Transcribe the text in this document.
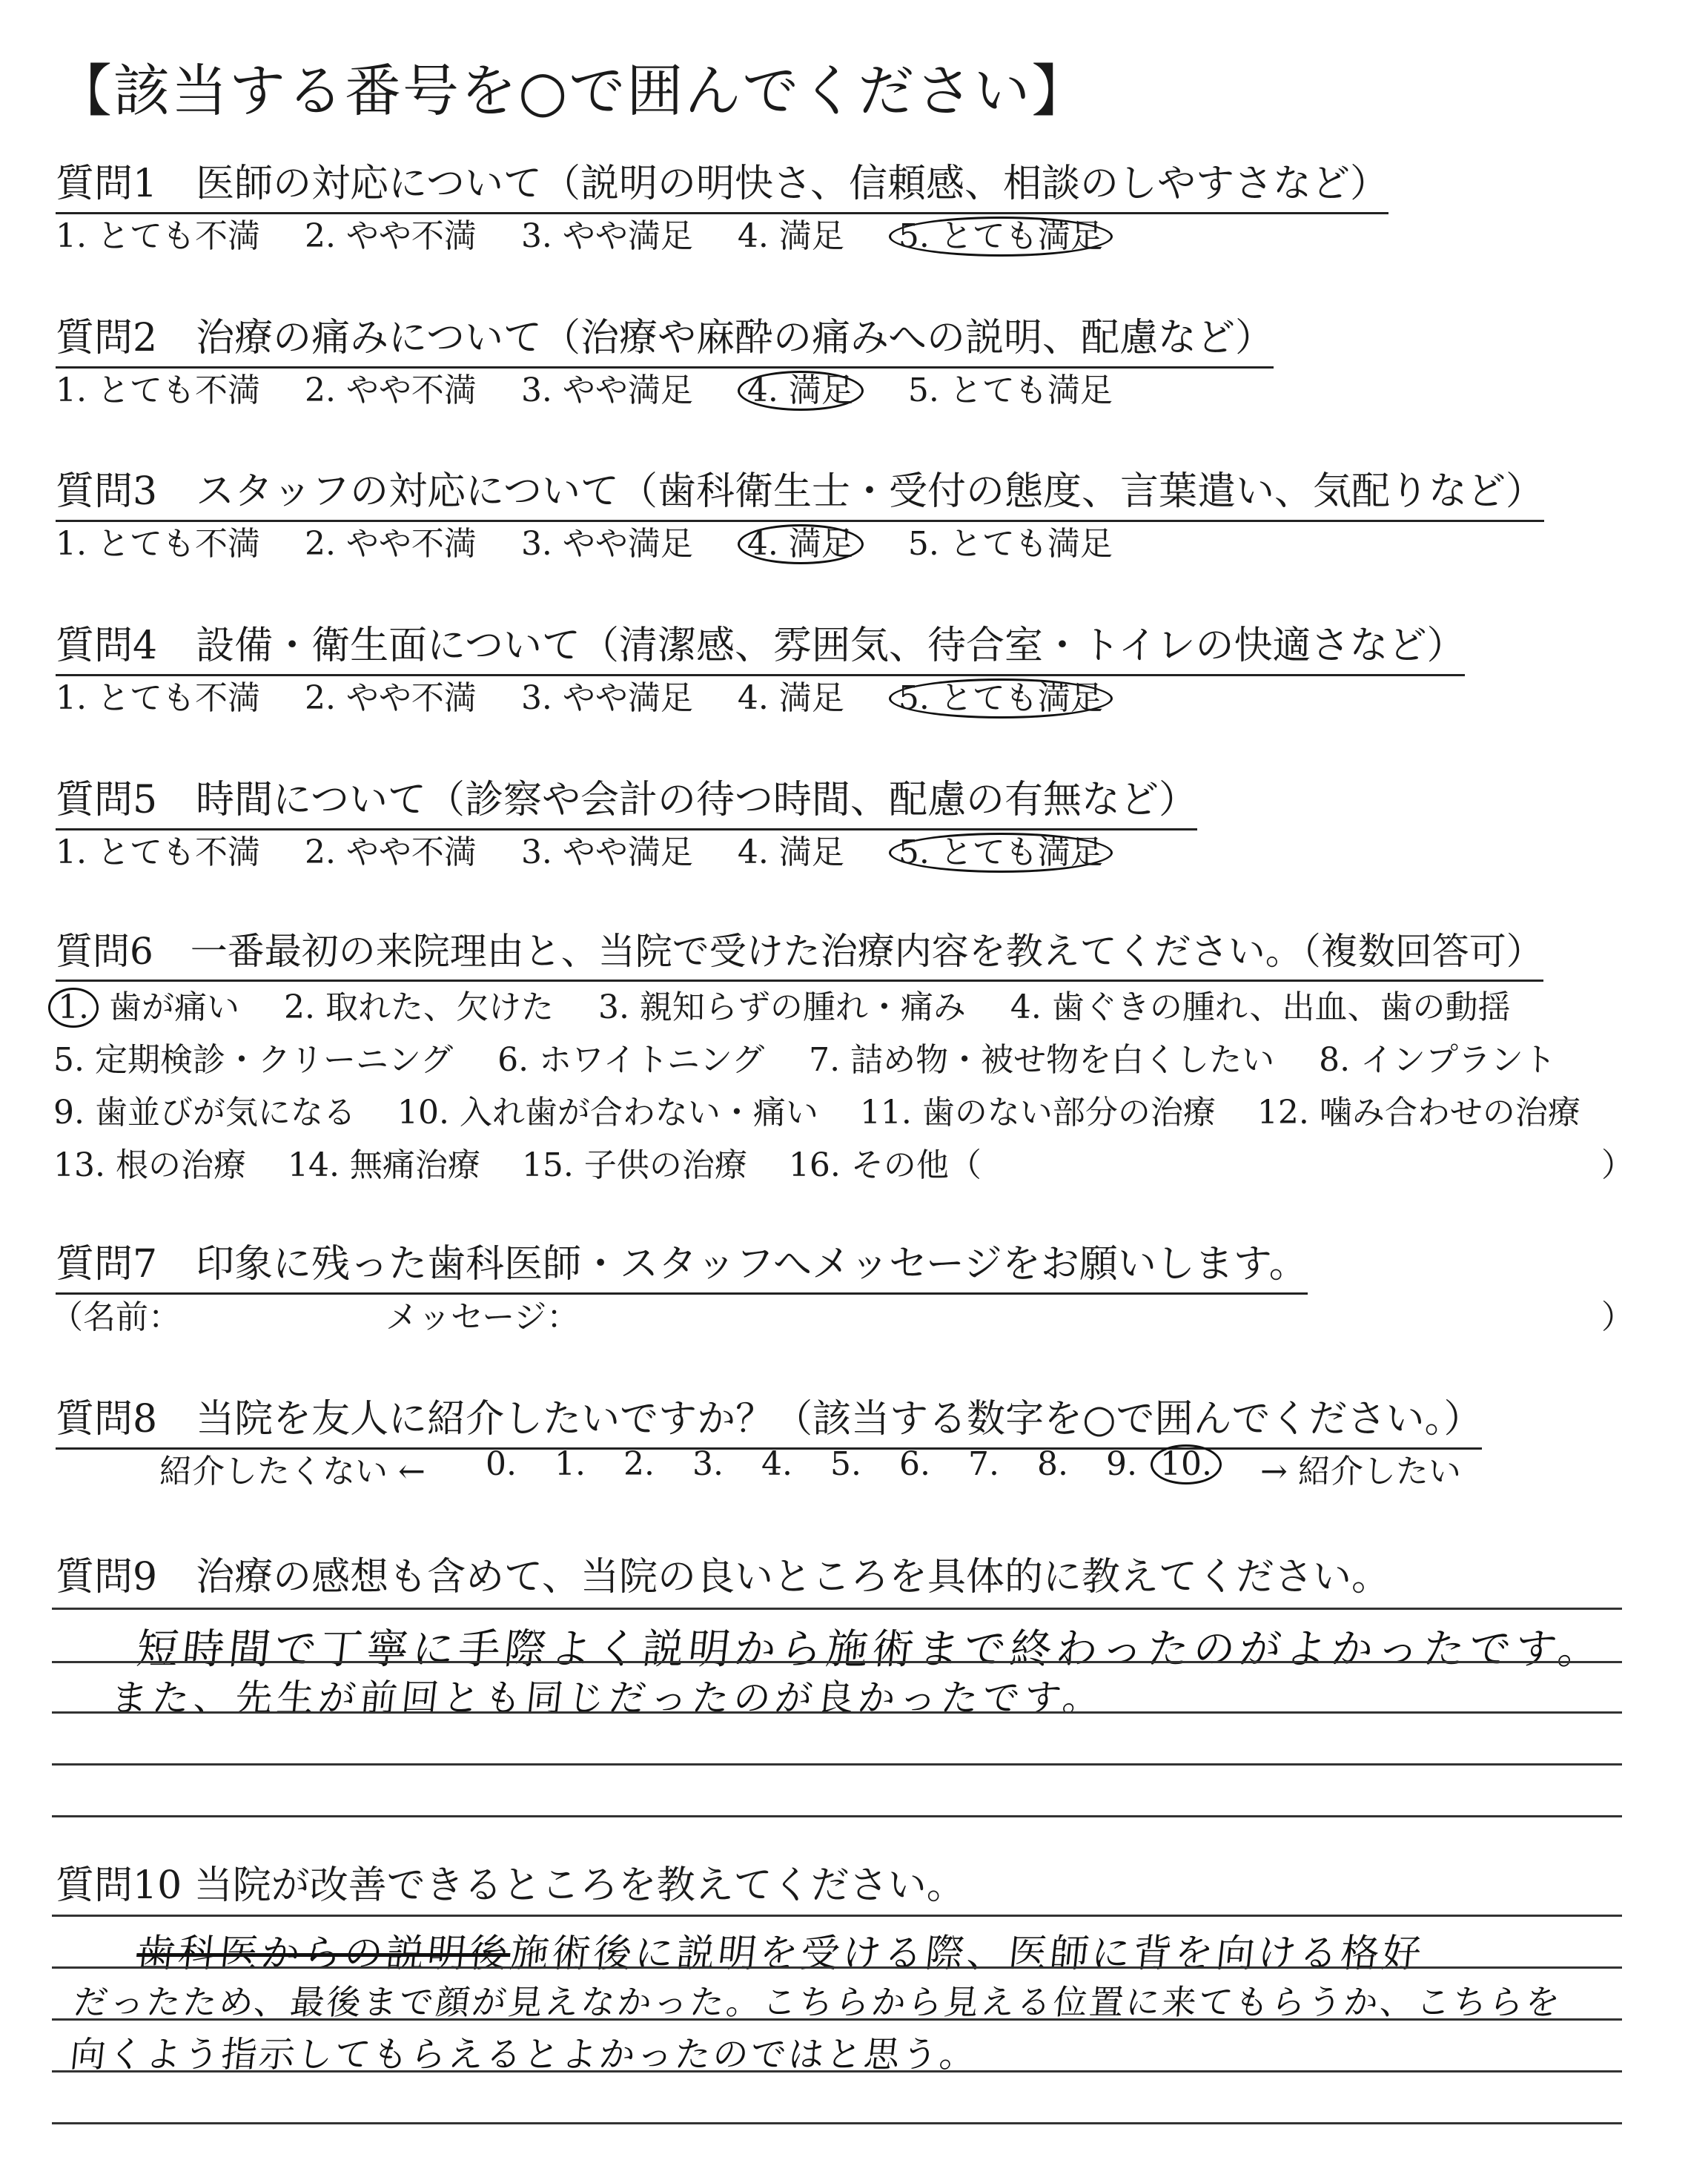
【該当する番号を○で囲んでください】
質問1　医師の対応について（説明の明快さ、信頼感、相談のしやすさなど）
1. とても不満 2. やや不満 3. やや満足 4. 満足 5. とても満足
質問2　治療の痛みについて（治療や麻酔の痛みへの説明、配慮など）
1. とても不満 2. やや不満 3. やや満足 4. 満足 5. とても満足
質問3　スタッフの対応について（歯科衛生士・受付の態度、言葉遣い、気配りなど）
1. とても不満 2. やや不満 3. やや満足 4. 満足 5. とても満足
質問4　設備・衛生面について（清潔感、雰囲気、待合室・トイレの快適さなど）
1. とても不満 2. やや不満 3. やや満足 4. 満足 5. とても満足
質問5　時間について（診察や会計の待つ時間、配慮の有無など）
1. とても不満 2. やや不満 3. やや満足 4. 満足 5. とても満足
質問6　一番最初の来院理由と、当院で受けた治療内容を教えてください。（複数回答可）
1. 歯が痛い 2. 取れた、欠けた 3. 親知らずの腫れ・痛み 4. 歯ぐきの腫れ、出血、歯の動揺
5. 定期検診・クリーニング 6. ホワイトニング 7. 詰め物・被せ物を白くしたい 8. インプラント
9. 歯並びが気になる 10. 入れ歯が合わない・痛い 11. 歯のない部分の治療 12. 噛み合わせの治療
13. 根の治療 14. 無痛治療 15. 子供の治療 16. その他（	）
質問7　印象に残った歯科医師・スタッフへメッセージをお願いします。
（名前：	メッセージ：	）
質問8　当院を友人に紹介したいですか？（該当する数字を○で囲んでください。）
紹介したくない ← 0. 1. 2. 3. 4. 5. 6. 7. 8. 9. 10. → 紹介したい
質問9　治療の感想も含めて、当院の良いところを具体的に教えてください。
短時間で丁寧に手際よく説明から施術まで終わったのがよかったです。
また、先生が前回とも同じだったのが良かったです。
質問10 当院が改善できるところを教えてください。
歯科医からの説明後施術後に説明を受ける際、医師に背を向ける格好
だったため、最後まで顔が見えなかった。こちらから見える位置に来てもらうか、こちらを
向くよう指示してもらえるとよかったのではと思う。
